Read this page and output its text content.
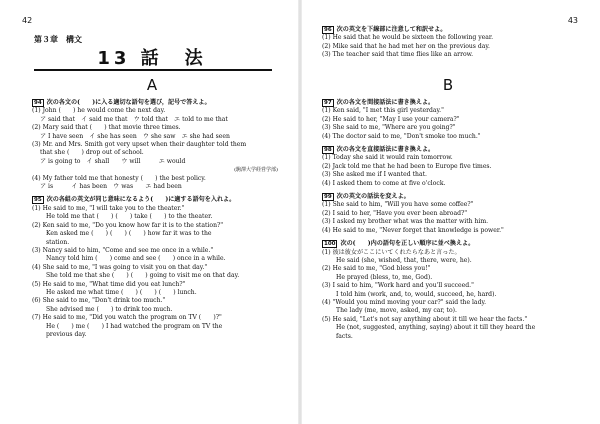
42
第３章　構文
13 話　法
A
94 次の各文の(　　)に入る適切な語句を選び，記号で答えよ。
(1) John (　　) he would come the next day.
ア said that　イ said me that　ウ told that　エ told to me that
(2) Mary said that (　　) that movie three times.
ア I have seen　イ she has seen　ウ she saw　エ she had seen
(3) Mr. and Mrs. Smith got very upset when their daughter told them
that she (　　) drop out of school.
ア is going to　イ shall　　ウ will　　　エ would
(駒澤大学経営学部)
(4) My father told me that honesty (　　) the best policy.
ア is　　　イ has been　ウ was　　エ had been
95 次の各組の英文が同じ意味になるよう(　　)に適する語句を入れよ。
(1) He said to me, "I will take you to the theater."
He told me that (　　) (　　) take (　　) to the theater.
(2) Ken said to me, "Do you know how far it is to the station?"
Ken asked me (　　) (　　) (　　) how far it was to the
station.
(3) Nancy said to him, "Come and see me once in a while."
Nancy told him (　　) come and see (　　) once in a while.
(4) She said to me, "I was going to visit you on that day."
She told me that she (　　) (　　) going to visit me on that day.
(5) He said to me, "What time did you eat lunch?"
He asked me what time (　　) (　　) (　　) lunch.
(6) She said to me, "Don't drink too much."
She advised me (　　) to drink too much.
(7) He said to me, "Did you watch the program on TV (　　)?"
He (　　) me (　　) I had watched the program on TV the
previous day.
43
96 次の英文を下線部に注意して和訳せよ。
(1) He said that he would be sixteen the following year.
(2) Mike said that he had met her on the previous day.
(3) The teacher said that time flies like an arrow.
B
97 次の各文を間接話法に書き換えよ。
(1) Ken said, "I met this girl yesterday."
(2) He said to her, "May I use your camera?"
(3) She said to me, "Where are you going?"
(4) The doctor said to me, "Don't smoke too much."
98 次の各文を直接話法に書き換えよ。
(1) Today she said it would rain tomorrow.
(2) Jack told me that he had been to Europe five times.
(3) She asked me if I wanted that.
(4) I asked them to come at five o'clock.
99 次の英文の話法を変えよ。
(1) She said to him, "Will you have some coffee?"
(2) I said to her, "Have you ever been abroad?"
(3) I asked my brother what was the matter with him.
(4) He said to me, "Never forget that knowledge is power."
100 次の(　　)内の語句を正しい順序に並べ換えよ。
(1) 彼は彼女がここにいてくれたらなあと言った。
He said (she, wished, that, there, were, he).
(2) He said to me, "God bless you!"
He prayed (bless, to, me, God).
(3) I said to him, "Work hard and you'll succeed."
I told him (work, and, to, would, succeed, he, hard).
(4) "Would you mind moving your car?" said the lady.
The lady (me, move, asked, my car, to).
(5) He said, "Let's not say anything about it till we hear the facts."
He (not, suggested, anything, saying) about it till they heard the
facts.
